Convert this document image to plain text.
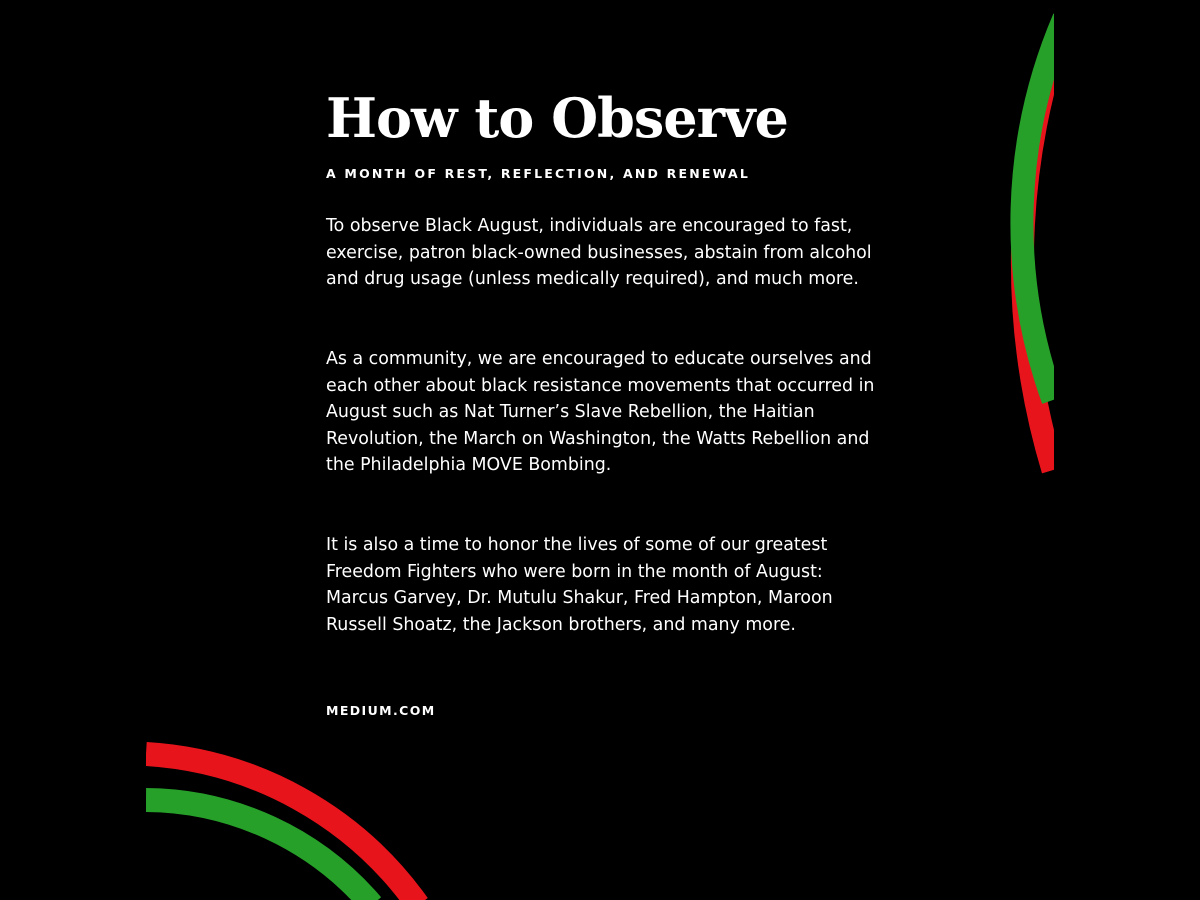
How to Observe

A MONTH OF REST, REFLECTION, AND RENEWAL

To observe Black August, individuals are encouraged to fast, exercise, patron black-owned businesses, abstain from alcohol and drug usage (unless medically required), and much more.

As a community, we are encouraged to educate ourselves and each other about black resistance movements that occurred in August such as Nat Turner’s Slave Rebellion, the Haitian Revolution, the March on Washington, the Watts Rebellion and the Philadelphia MOVE Bombing.

It is also a time to honor the lives of some of our greatest Freedom Fighters who were born in the month of August: Marcus Garvey, Dr. Mutulu Shakur, Fred Hampton, Maroon Russell Shoatz, the Jackson brothers, and many more.

MEDIUM.COM
